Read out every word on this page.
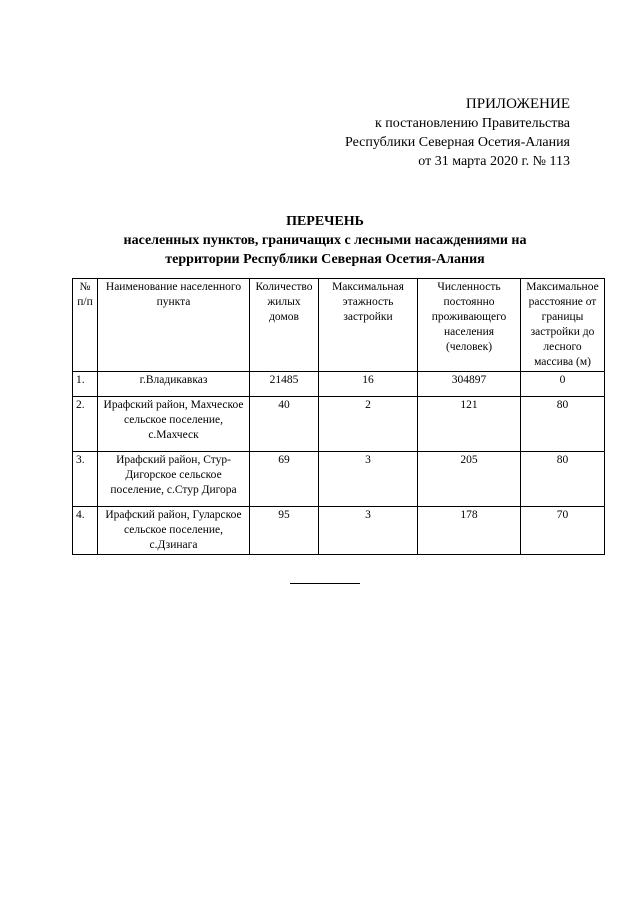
ПРИЛОЖЕНИЕ
к постановлению Правительства
Республики Северная Осетия-Алания
от 31 марта 2020 г. № 113
ПЕРЕЧЕНЬ
населенных пунктов, граничащих с лесными насаждениями на
территории Республики Северная Осетия-Алания
№ п/п	Наименование населенного пункта	Количество жилых домов	Максимальная этажность застройки	Численность постоянно проживающего населения (человек)	Максимальное расстояние от границы застройки до лесного массива (м)
1.	г.Владикавказ	21485	16	304897	0
2.	Ирафский район, Махческое сельское поселение, с.Махческ	40	2	121	80
3.	Ирафский район, Стур-Дигорское сельское поселение, с.Стур Дигора	69	3	205	80
4.	Ирафский район, Гуларское сельское поселение, с.Дзинага	95	3	178	70
